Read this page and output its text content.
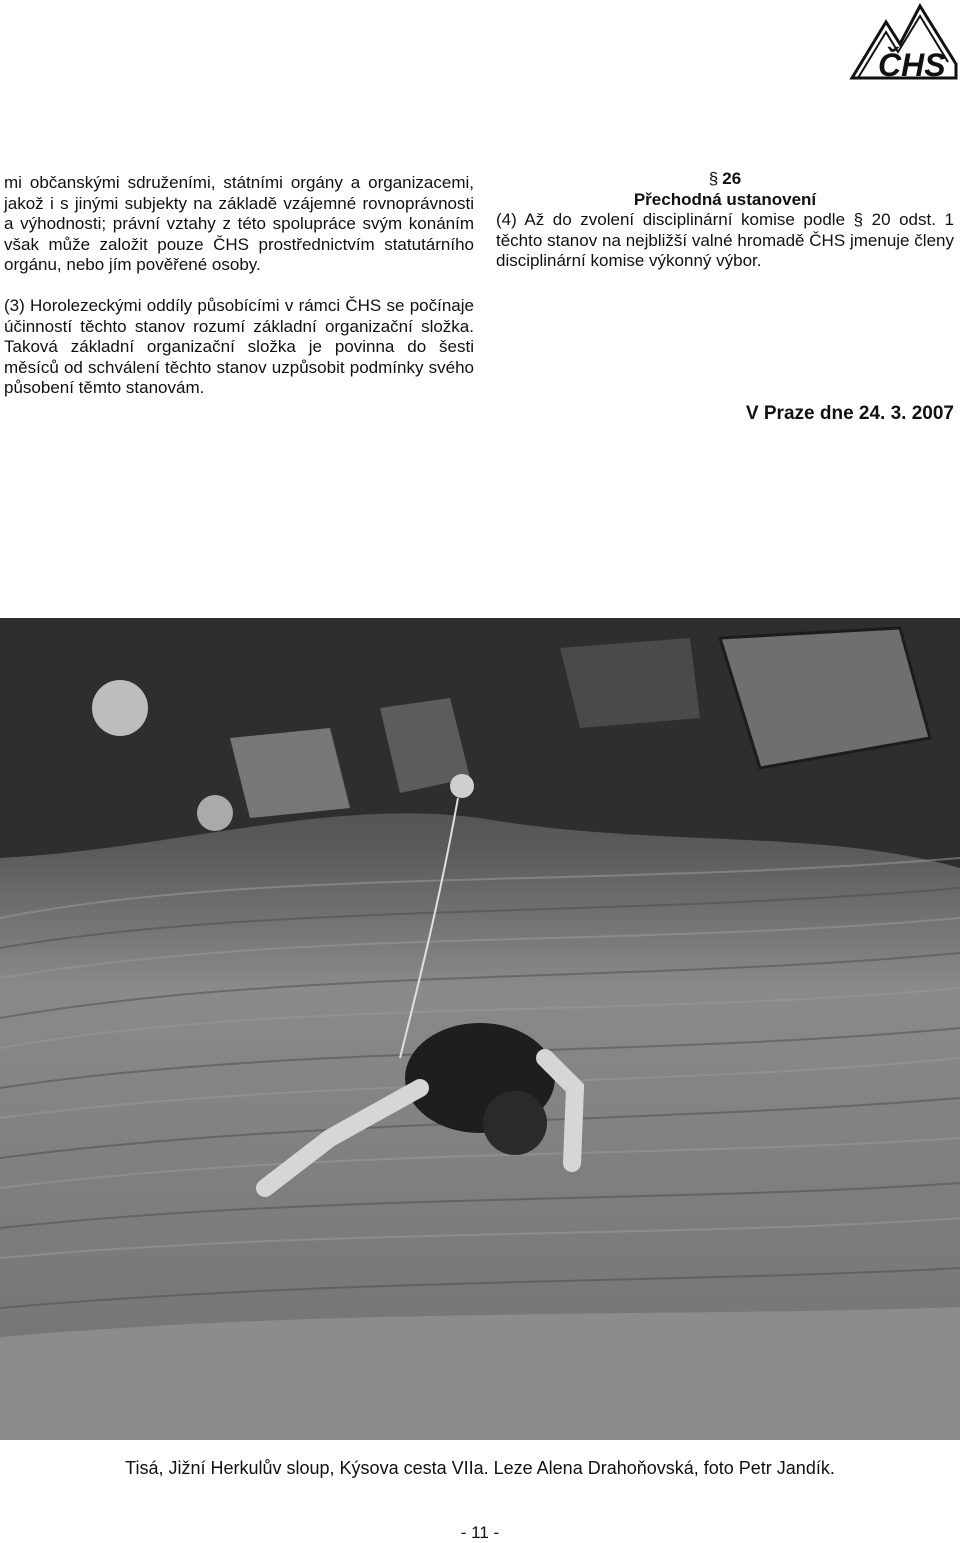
ČHS

mi občanskými sdruženími, státními orgány a organizacemi, jakož i s jinými subjekty na základě vzájemné rovnoprávnosti a výhodnosti; právní vztahy z této spolupráce svým konáním však může založit pouze ČHS prostřednictvím statutárního orgánu, nebo jím pověřené osoby.

(3) Horolezeckými oddíly působícími v rámci ČHS se počínaje účinností těchto stanov rozumí základní organizační složka. Taková základní organizační složka je povinna do šesti měsíců od schválení těchto stanov uzpůsobit podmínky svého působení těmto stanovám.

§ 26
Přechodná ustanovení

(4) Až do zvolení disciplinární komise podle § 20 odst. 1 těchto stanov na nejbližší valné hromadě ČHS jmenuje členy disciplinární komise výkonný výbor.

V Praze dne 24. 3. 2007
Tisá, Jižní Herkulův sloup, Kýsova cesta VIIa. Leze Alena Drahoňovská, foto Petr Jandík.
- 11 -
